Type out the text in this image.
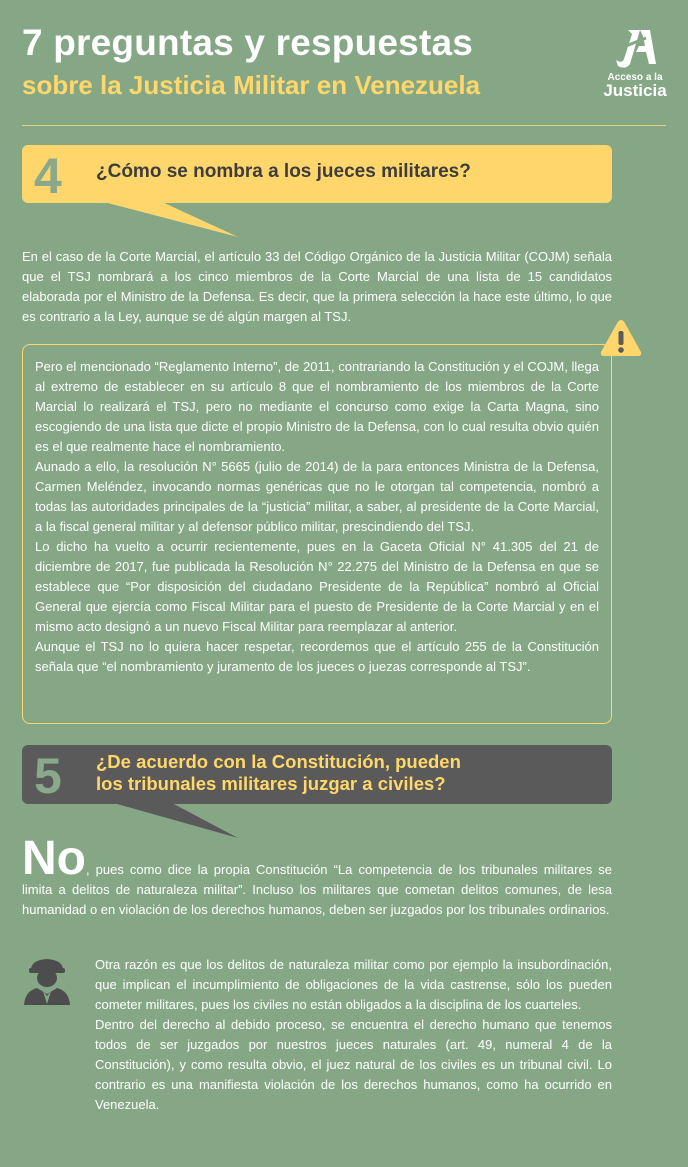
7 preguntas y respuestas
sobre la Justicia Militar en Venezuela	Acceso a la
Justicia
4 ¿Cómo se nombra a los jueces militares?
En el caso de la Corte Marcial, el artículo 33 del Código Orgánico de la Justicia Militar (COJM) señala que el TSJ nombrará a los cinco miembros de la Corte Marcial de una lista de 15 candidatos elaborada por el Ministro de la Defensa. Es decir, que la primera selección la hace este último, lo que es contrario a la Ley, aunque se dé algún margen al TSJ.

Pero el mencionado “Reglamento Interno”, de 2011, contrariando la Constitución y el COJM, llega al extremo de establecer en su artículo 8 que el nombramiento de los miembros de la Corte Marcial lo realizará el TSJ, pero no mediante el concurso como exige la Carta Magna, sino escogiendo de una lista que dicte el propio Ministro de la Defensa, con lo cual resulta obvio quién es el que realmente hace el nombramiento.

Aunado a ello, la resolución N° 5665 (julio de 2014) de la para entonces Ministra de la Defensa, Carmen Meléndez, invocando normas genéricas que no le otorgan tal competencia, nombró a todas las autoridades principales de la “justicia” militar, a saber, al presidente de la Corte Marcial, a la fiscal general militar y al defensor público militar, prescindiendo del TSJ.

Lo dicho ha vuelto a ocurrir recientemente, pues en la Gaceta Oficial N° 41.305 del 21 de diciembre de 2017, fue publicada la Resolución N° 22.275 del Ministro de la Defensa en que se establece que “Por disposición del ciudadano Presidente de la República” nombró al Oficial General que ejercía como Fiscal Militar para el puesto de Presidente de la Corte Marcial y en el mismo acto designó a un nuevo Fiscal Militar para reemplazar al anterior.

Aunque el TSJ no lo quiera hacer respetar, recordemos que el artículo 255 de la Constitución señala que “el nombramiento y juramento de los jueces o juezas corresponde al TSJ”.

5 ¿De acuerdo con la Constitución, pueden
los tribunales militares juzgar a civiles?
No, pues como dice la propia Constitución “La competencia de los tribunales militares se limita a delitos de naturaleza militar”. Incluso los militares que cometan delitos comunes, de lesa humanidad o en violación de los derechos humanos, deben ser juzgados por los tribunales ordinarios.

Otra razón es que los delitos de naturaleza militar como por ejemplo la insubordinación, que implican el incumplimiento de obligaciones de la vida castrense, sólo los pueden cometer militares, pues los civiles no están obligados a la disciplina de los cuarteles.

Dentro del derecho al debido proceso, se encuentra el derecho humano que tenemos todos de ser juzgados por nuestros jueces naturales (art. 49, numeral 4 de la Constitución), y como resulta obvio, el juez natural de los civiles es un tribunal civil. Lo contrario es una manifiesta violación de los derechos humanos, como ha ocurrido en Venezuela.
